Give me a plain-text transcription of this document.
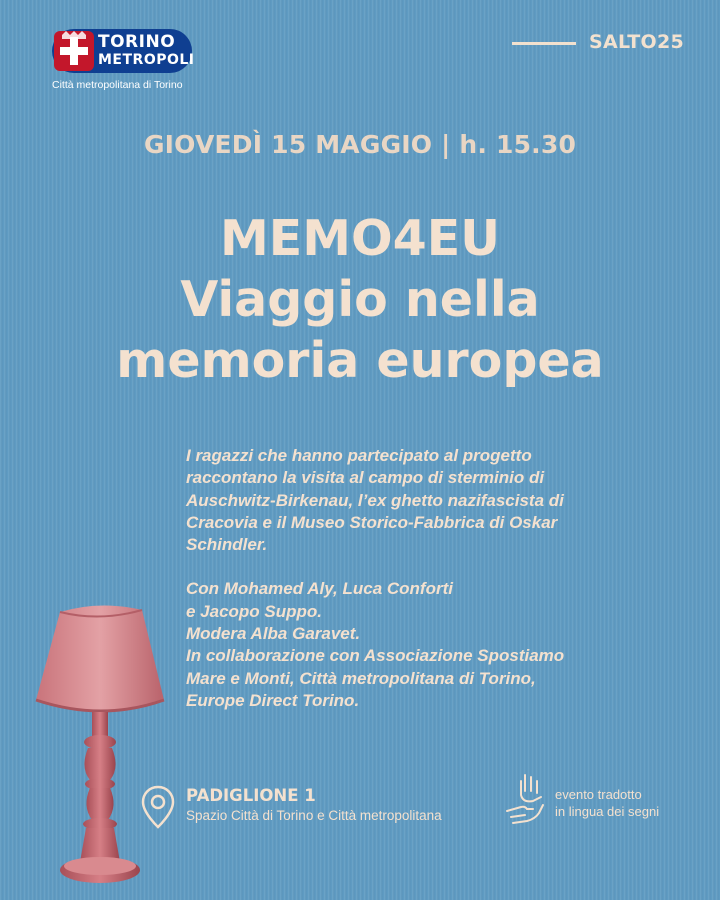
TORINO
METROPOLI
Città metropolitana di Torino
SALTO25
GIOVEDÌ 15 MAGGIO | h. 15.30
MEMO4EU
Viaggio nella
memoria europea
I ragazzi che hanno partecipato al progetto
raccontano la visita al campo di sterminio di
Auschwitz-Birkenau, l’ex ghetto nazifascista di
Cracovia e il Museo Storico-Fabbrica di Oskar
Schindler.
Con Mohamed Aly, Luca Conforti
e Jacopo Suppo.
Modera Alba Garavet.
In collaborazione con Associazione Spostiamo
Mare e Monti, Città metropolitana di Torino,
Europe Direct Torino.
PADIGLIONE 1
Spazio Città di Torino e Città metropolitana
evento tradotto
in lingua dei segni
